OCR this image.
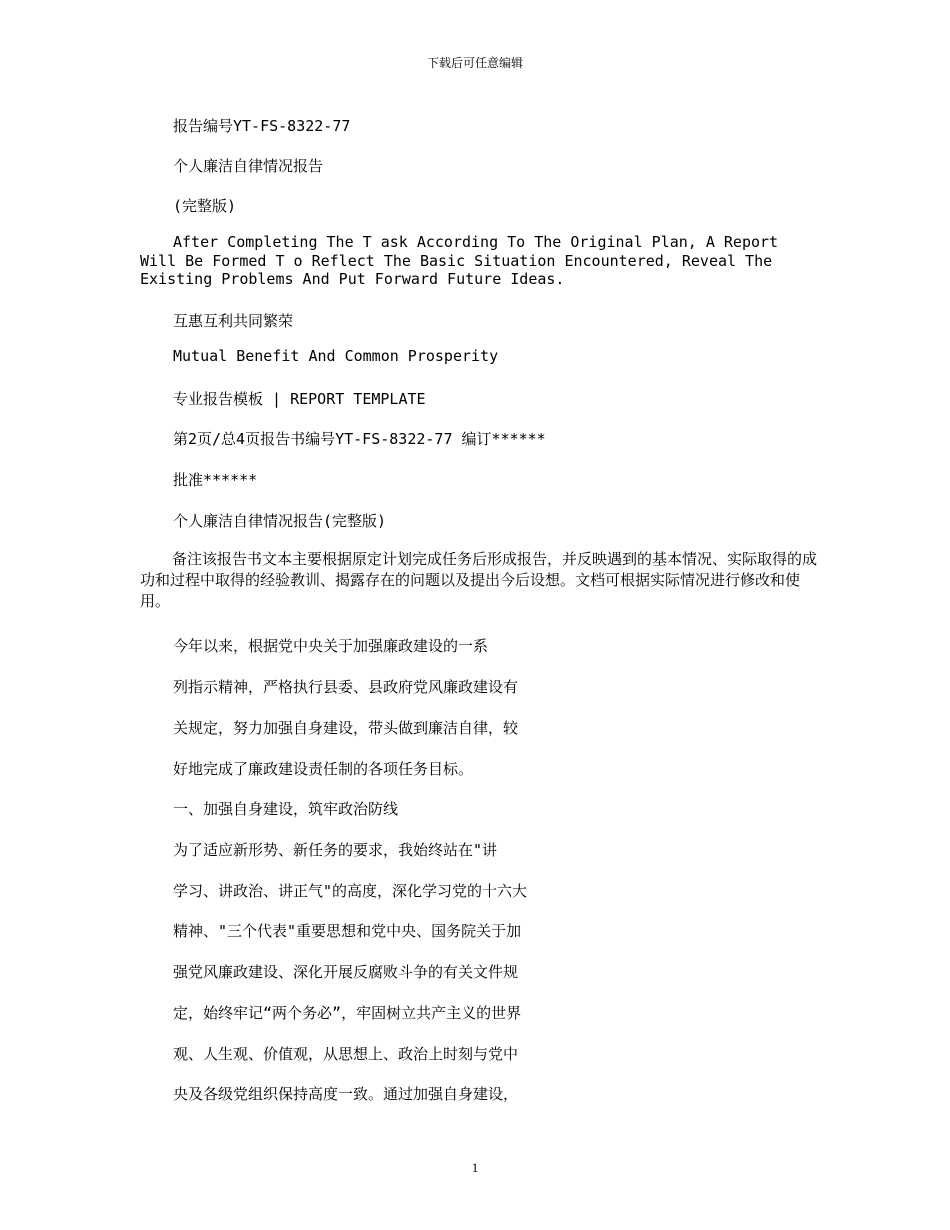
下载后可任意编辑
报告编号YT-FS-8322-77
个人廉洁自律情况报告
(完整版)
After Completing The T ask According To The Original Plan, A Report Will Be Formed T o Reflect The Basic Situation Encountered, Reveal The Existing Problems And Put Forward Future Ideas.
互惠互利共同繁荣
Mutual Benefit And Common Prosperity
专业报告模板 | REPORT TEMPLATE
第2页/总4页报告书编号YT-FS-8322-77 编订******
批准******
个人廉洁自律情况报告(完整版)
备注该报告书文本主要根据原定计划完成任务后形成报告，并反映遇到的基本情况、实际取得的成功和过程中取得的经验教训、揭露存在的问题以及提出今后设想。文档可根据实际情况进行修改和使用。
今年以来，根据党中央关于加强廉政建设的一系
列指示精神，严格执行县委、县政府党风廉政建设有
关规定，努力加强自身建设，带头做到廉洁自律，较
好地完成了廉政建设责任制的各项任务目标。
一、加强自身建设，筑牢政治防线
为了适应新形势、新任务的要求，我始终站在"讲
学习、讲政治、讲正气"的高度，深化学习党的十六大
精神、"三个代表"重要思想和党中央、国务院关于加
强党风廉政建设、深化开展反腐败斗争的有关文件规
定，始终牢记“两个务必”，牢固树立共产主义的世界
观、人生观、价值观，从思想上、政治上时刻与党中
央及各级党组织保持高度一致。通过加强自身建设，
1
